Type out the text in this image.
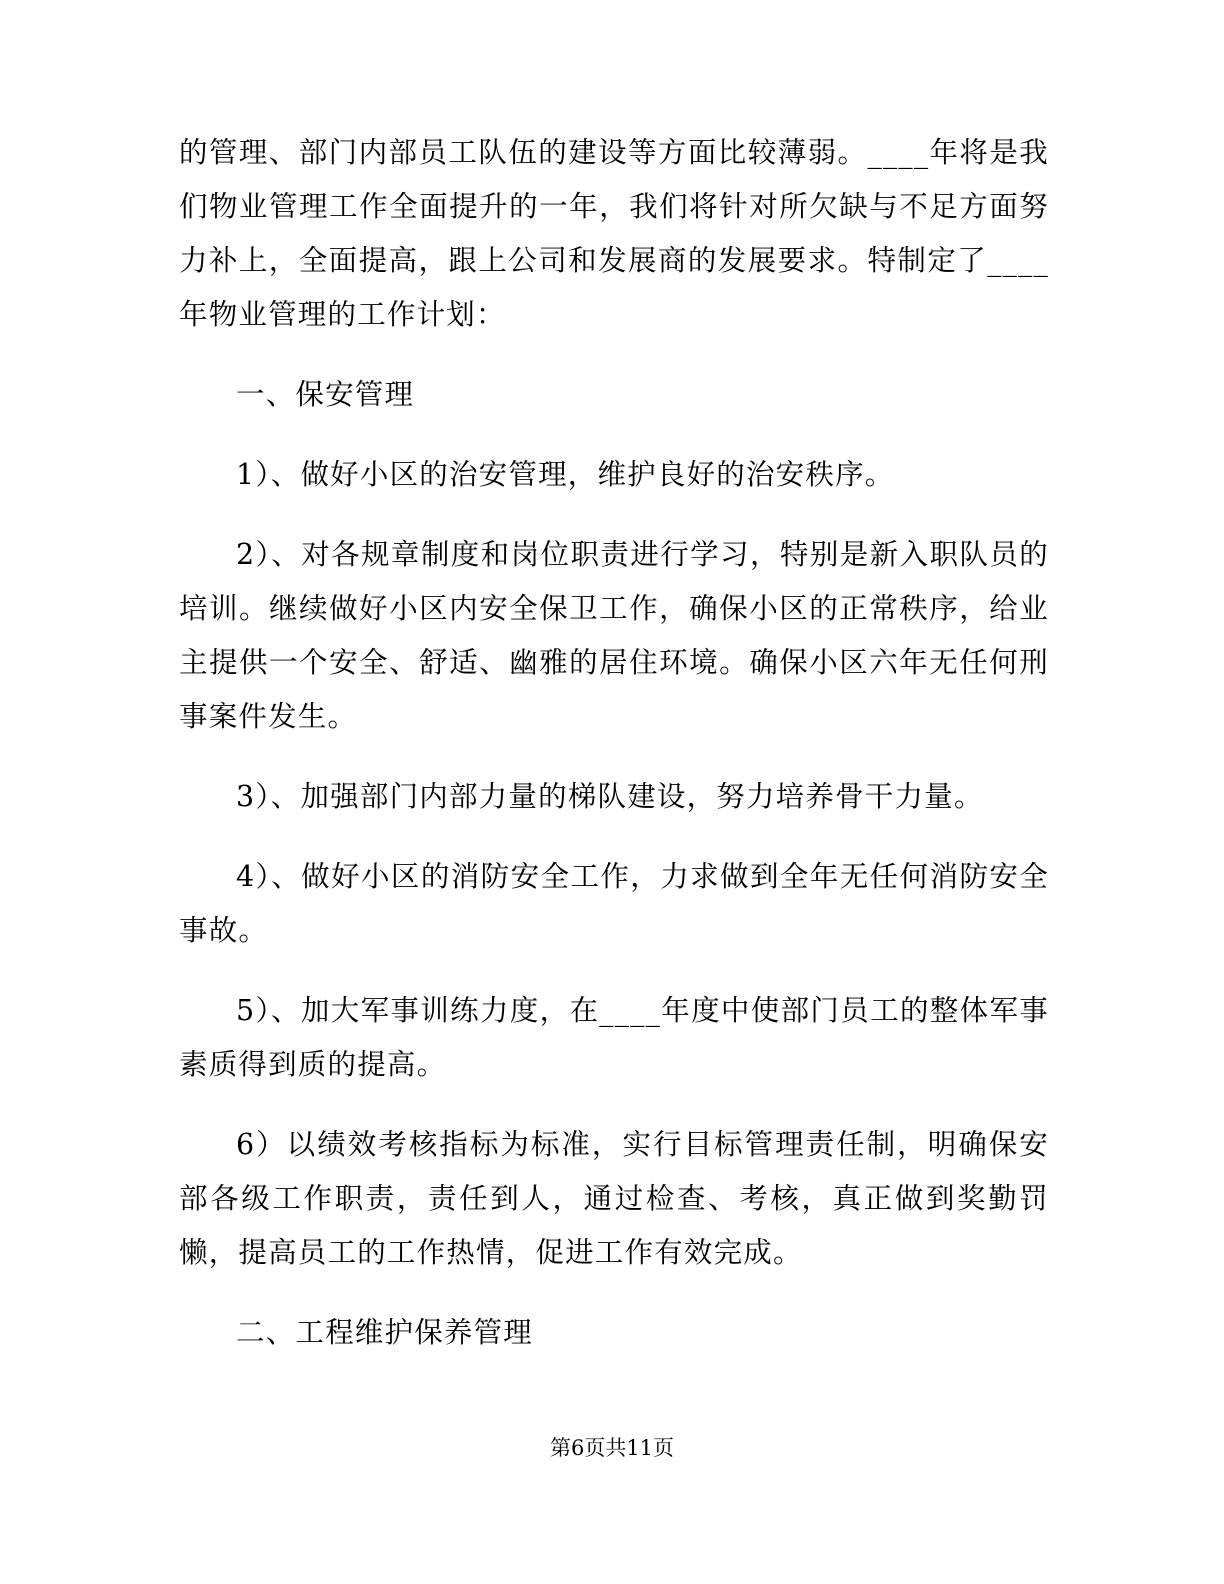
的管理、部门内部员工队伍的建设等方面比较薄弱。____年将是我们物业管理工作全面提升的一年，我们将针对所欠缺与不足方面努力补上，全面提高，跟上公司和发展商的发展要求。特制定了____年物业管理的工作计划：

一、保安管理

1）、做好小区的治安管理，维护良好的治安秩序。

2）、对各规章制度和岗位职责进行学习，特别是新入职队员的培训。继续做好小区内安全保卫工作，确保小区的正常秩序，给业主提供一个安全、舒适、幽雅的居住环境。确保小区六年无任何刑事案件发生。

3）、加强部门内部力量的梯队建设，努力培养骨干力量。

4）、做好小区的消防安全工作，力求做到全年无任何消防安全事故。

5）、加大军事训练力度，在____年度中使部门员工的整体军事素质得到质的提高。

6）以绩效考核指标为标准，实行目标管理责任制，明确保安部各级工作职责，责任到人，通过检查、考核，真正做到奖勤罚懒，提高员工的工作热情，促进工作有效完成。

二、工程维护保养管理

第6页共11页
